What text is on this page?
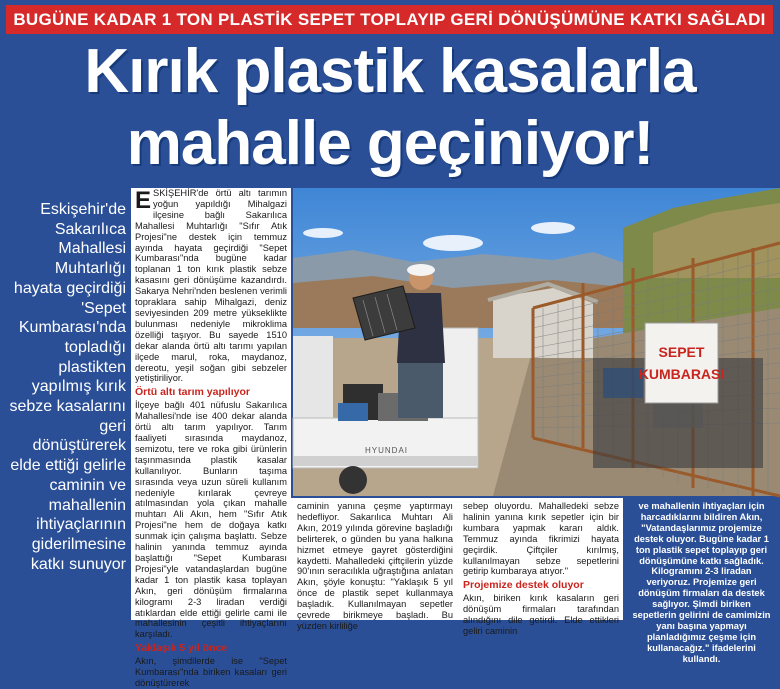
BUGÜNE KADAR 1 TON PLASTİK SEPET TOPLAYIP GERİ DÖNÜŞÜMÜNE KATKI SAĞLADI
Kırık plastik kasalarla
mahalle geçiniyor!

Eskişehir'de Sakarılıca Mahallesi Muhtarlığı hayata geçirdiği 'Sepet Kumbarası'nda topladığı plastikten yapılmış kırık sebze kasalarını geri dönüştürerek elde ettiği gelirle caminin ve mahallenin ihtiyaçlarının giderilmesine katkı sunuyor

ESKİŞEHİR'de örtü altı tarımın yoğun yapıldığı Mihalgazi ilçesine bağlı Sakarılıca Mahallesi Muhtarlığı "Sıfır Atık Projesi"ne destek için temmuz ayında hayata geçirdiği "Sepet Kumbarası"nda bugüne kadar toplanan 1 ton kırık plastik sebze kasasını geri dönüşüme kazandırdı. Sakarya Nehri'nden beslenen verimli topraklara sahip Mihalgazi, deniz seviyesinden 209 metre yükseklikte bulunması nedeniyle mikroklima özelliği taşıyor. Bu sayede 1510 dekar alanda örtü altı tarımı yapılan ilçede marul, roka, maydanoz, dereotu, yeşil soğan gibi sebzeler yetiştiriliyor.

Örtü altı tarım yapılıyor

İlçeye bağlı 401 nüfuslu Sakarılıca Mahallesi'nde ise 400 dekar alanda örtü altı tarım yapılıyor. Tarım faaliyeti sırasında maydanoz, semizotu, tere ve roka gibi ürünlerin taşınmasında plastik kasalar kullanılıyor. Bunların taşıma sırasında veya uzun süreli kullanım nedeniyle kırılarak çevreye atılmasından yola çıkan mahalle muhtarı Ali Akın, hem "Sıfır Atık Projesi"ne hem de doğaya katkı sunmak için çalışma başlattı. Sebze halinin yanında temmuz ayında başlattığı "Sepet Kumbarası Projesi"yle vatandaşlardan bugüne kadar 1 ton plastik kasa toplayan Akın, geri dönüşüm firmalarına kilogramı 2-3 liradan verdiği atıklardan elde ettiği gelirle cami ile mahallesinin çeşitli ihtiyaçlarını karşıladı.

Yaklaşık 5 yıl önce

Akın, şimdilerde ise "Sepet Kumbarası"nda biriken kasaları geri dönüştürerek

SEPET
KUMBARASI
HYUNDAI

caminin yanına çeşme yaptırmayı hedefliyor. Sakarılıca Muhtarı Ali Akın, 2019 yılında görevine başladığı belirterek, o günden bu yana halkına hizmet etmeye gayret gösterdiğini kaydetti. Mahalledeki çiftçilerin yüzde 90'ının seracılıkla uğraştığına anlatan Akın, şöyle konuştu: "Yaklaşık 5 yıl önce de plastik sepet kullanmaya başladık. Kullanılmayan sepetler çevrede birikmeye başladı. Bu yüzden kirliliğe

sebep oluyordu. Mahalledeki sebze halinin yanına kırık sepetler için bir kumbara yapmak kararı aldık. Temmuz ayında fikrimizi hayata geçirdik. Çiftçiler kırılmış, kullanılmayan sebze sepetlerini getirip kumbaraya atıyor."

Projemize destek oluyor

Akın, biriken kırık kasaların geri dönüşüm firmaları tarafından alındığını dile getirdi. Elde ettikleri geliri caminin

ve mahallenin ihtiyaçları için harcadıklarını bildiren Akın, "Vatandaşlarımız projemize destek oluyor. Bugüne kadar 1 ton plastik sepet toplayıp geri dönüşümüne katkı sağladık. Kilogramını 2-3 liradan veriyoruz. Projemize geri dönüşüm firmaları da destek sağlıyor. Şimdi biriken sepetlerin gelirini de camimizin yanı başına yapmayı planladığımız çeşme için kullanacağız." ifadelerini kullandı.
